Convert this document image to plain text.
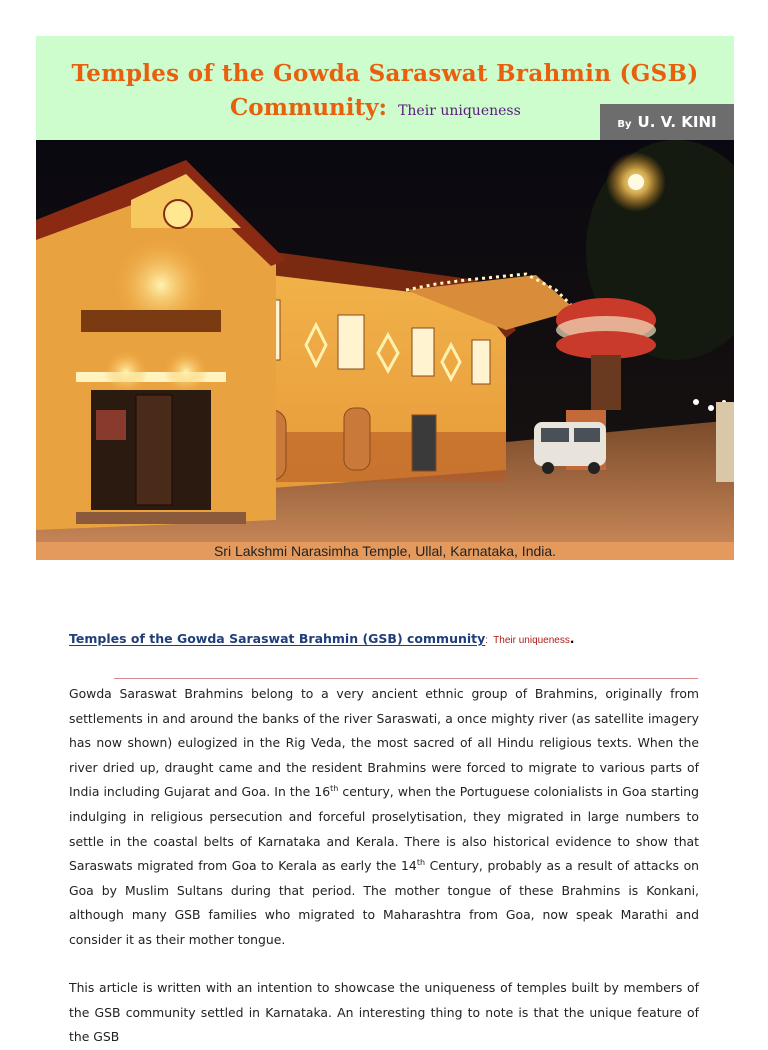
Temples of the Gowda Saraswat Brahmin (GSB)
Community: Their uniqueness
By U. V. KINI
Sri Lakshmi Narasimha Temple, Ullal, Karnataka, India.
Temples of the Gowda Saraswat Brahmin (GSB) community: Their uniqueness.

Gowda Saraswat Brahmins belong to a very ancient ethnic group of Brahmins, originally from settlements in and around the banks of the river Saraswati, a once mighty river (as satellite imagery has now shown) eulogized in the Rig Veda, the most sacred of all Hindu religious texts. When the river dried up, draught came and the resident Brahmins were forced to migrate to various parts of India including Gujarat and Goa. In the 16th century, when the Portuguese colonialists in Goa starting indulging in religious persecution and forceful proselytisation, they migrated in large numbers to settle in the coastal belts of Karnataka and Kerala. There is also historical evidence to show that Saraswats migrated from Goa to Kerala as early the 14th Century, probably as a result of attacks on Goa by Muslim Sultans during that period. The mother tongue of these Brahmins is Konkani, although many GSB families who migrated to Maharashtra from Goa, now speak Marathi and consider it as their mother tongue.

This article is written with an intention to showcase the uniqueness of temples built by members of the GSB community settled in Karnataka. An interesting thing to note is that the unique feature of the GSB
